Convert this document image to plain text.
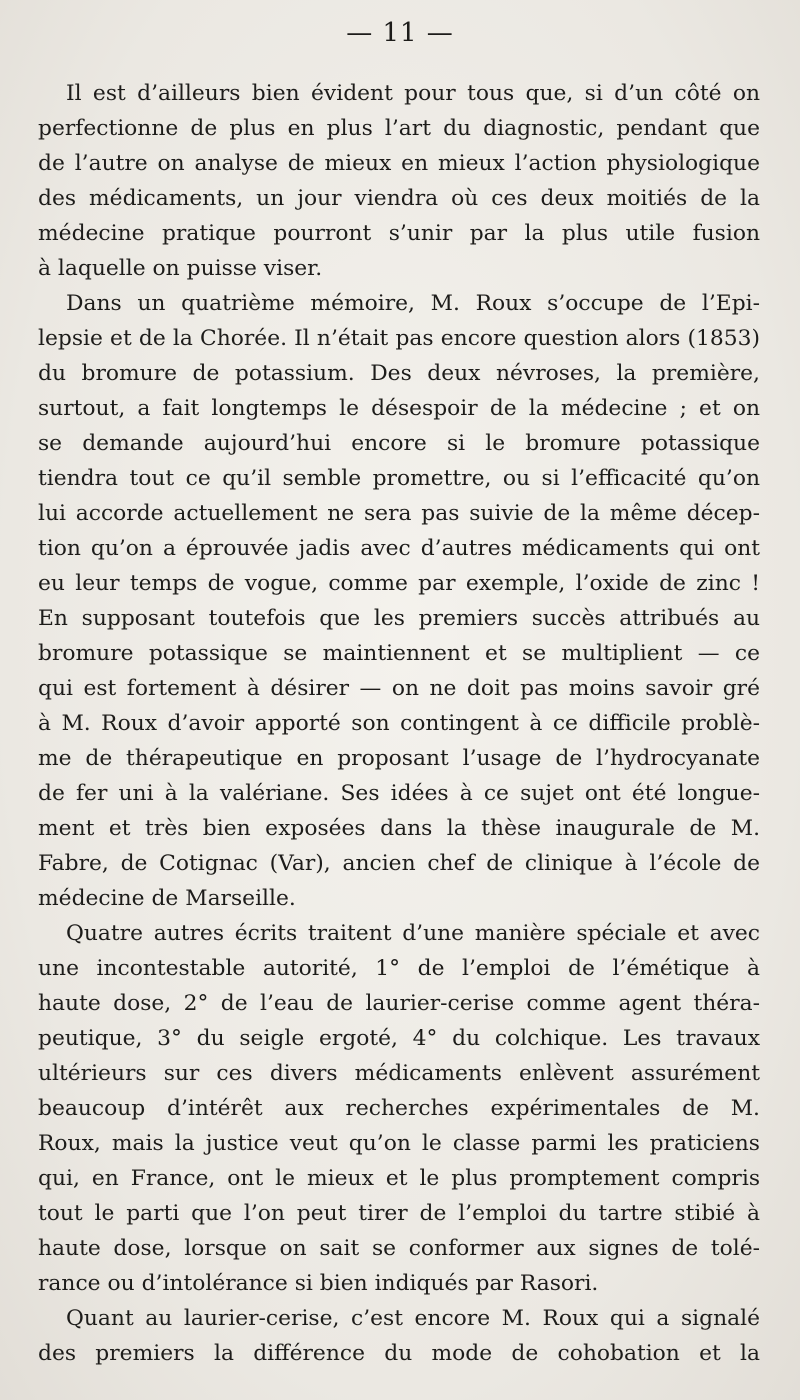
— 11 —
Il est d’ailleurs bien évident pour tous que, si d’un côté on
perfectionne de plus en plus l’art du diagnostic, pendant que
de l’autre on analyse de mieux en mieux l’action physiologique
des médicaments, un jour viendra où ces deux moitiés de la
médecine pratique pourront s’unir par la plus utile fusion
à laquelle on puisse viser.
Dans un quatrième mémoire, M. Roux s’occupe de l’Epi-
lepsie et de la Chorée. Il n’était pas encore question alors (1853)
du bromure de potassium. Des deux névroses, la première,
surtout, a fait longtemps le désespoir de la médecine ; et on
se demande aujourd’hui encore si le bromure potassique
tiendra tout ce qu’il semble promettre, ou si l’efficacité qu’on
lui accorde actuellement ne sera pas suivie de la même décep-
tion qu’on a éprouvée jadis avec d’autres médicaments qui ont
eu leur temps de vogue, comme par exemple, l’oxide de zinc !
En supposant toutefois que les premiers succès attribués au
bromure potassique se maintiennent et se multiplient — ce
qui est fortement à désirer — on ne doit pas moins savoir gré
à M. Roux d’avoir apporté son contingent à ce difficile problè-
me de thérapeutique en proposant l’usage de l’hydrocyanate
de fer uni à la valériane. Ses idées à ce sujet ont été longue-
ment et très bien exposées dans la thèse inaugurale de M.
Fabre, de Cotignac (Var), ancien chef de clinique à l’école de
médecine de Marseille.
Quatre autres écrits traitent d’une manière spéciale et avec
une incontestable autorité, 1° de l’emploi de l’émétique à
haute dose, 2° de l’eau de laurier-cerise comme agent théra-
peutique, 3° du seigle ergoté, 4° du colchique. Les travaux
ultérieurs sur ces divers médicaments enlèvent assurément
beaucoup d’intérêt aux recherches expérimentales de M.
Roux, mais la justice veut qu’on le classe parmi les praticiens
qui, en France, ont le mieux et le plus promptement compris
tout le parti que l’on peut tirer de l’emploi du tartre stibié à
haute dose, lorsque on sait se conformer aux signes de tolé-
rance ou d’intolérance si bien indiqués par Rasori.
Quant au laurier-cerise, c’est encore M. Roux qui a signalé
des premiers la différence du mode de cohobation et la
